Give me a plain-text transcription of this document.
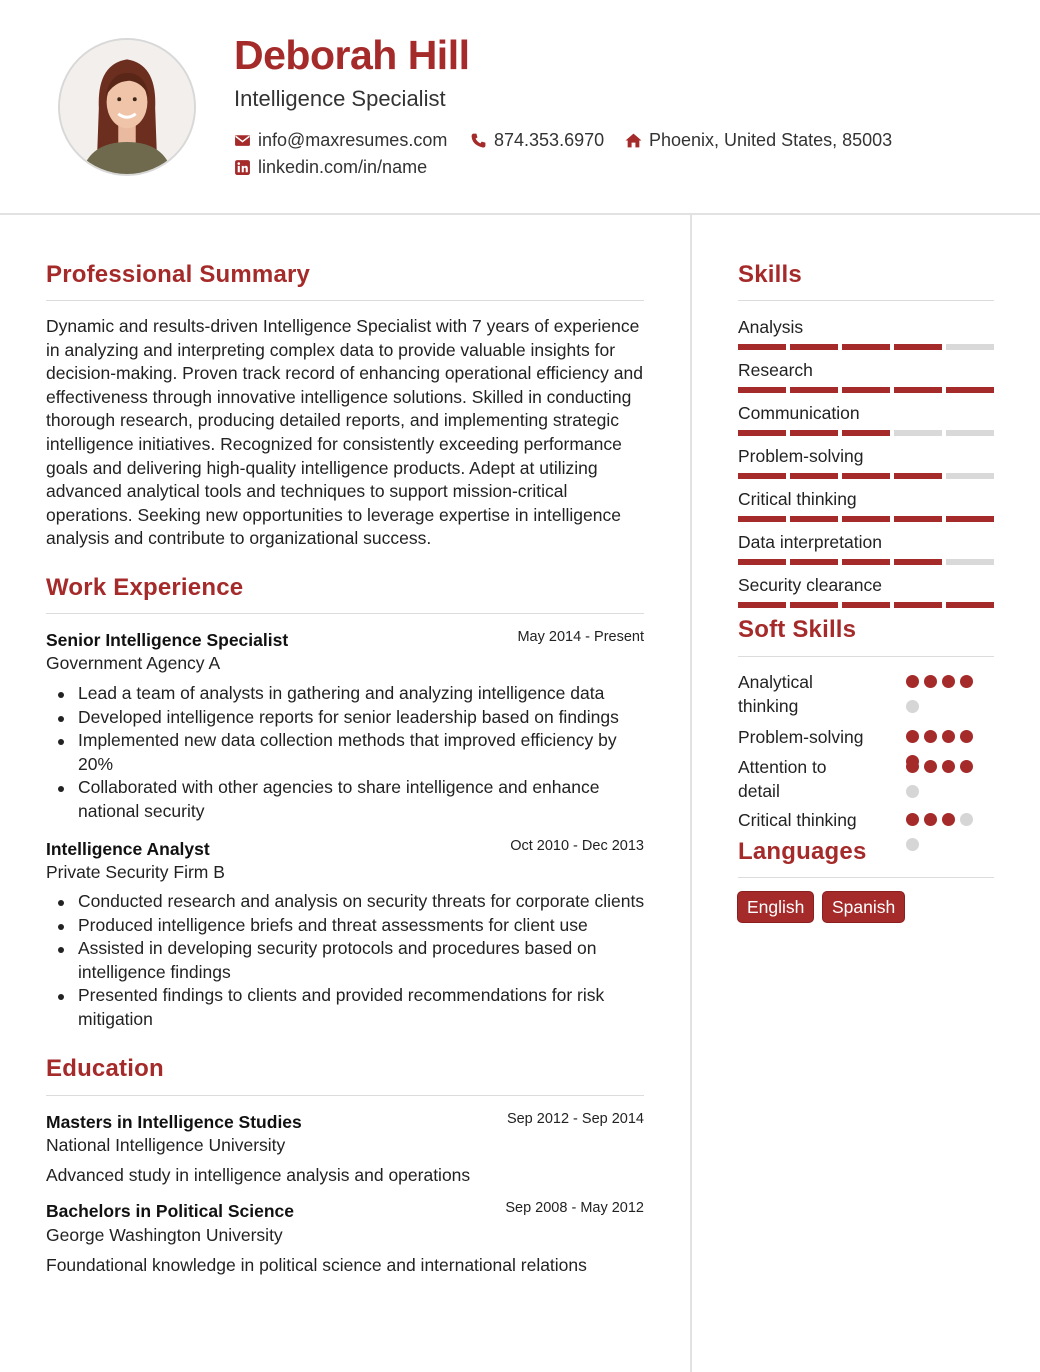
Deborah Hill
Intelligence Specialist
info@maxresumes.com	874.353.6970 Phoenix, United States, 85003
linkedin.com/in/name
Professional Summary
Dynamic and results-driven Intelligence Specialist with 7 years of experience in analyzing and interpreting complex data to provide valuable insights for decision-making. Proven track record of enhancing operational efficiency and effectiveness through innovative intelligence solutions. Skilled in conducting thorough research, producing detailed reports, and implementing strategic intelligence initiatives. Recognized for consistently exceeding performance goals and delivering high-quality intelligence products. Adept at utilizing advanced analytical tools and techniques to support mission-critical operations. Seeking new opportunities to leverage expertise in intelligence analysis and contribute to organizational success.
Work Experience
Senior Intelligence Specialist	May 2014 - Present
Government Agency A
Lead a team of analysts in gathering and analyzing intelligence data
Developed intelligence reports for senior leadership based on findings
Implemented new data collection methods that improved efficiency by 20%
Collaborated with other agencies to share intelligence and enhance national security
Intelligence Analyst	Oct 2010 - Dec 2013
Private Security Firm B
Conducted research and analysis on security threats for corporate clients
Produced intelligence briefs and threat assessments for client use
Assisted in developing security protocols and procedures based on intelligence findings
Presented findings to clients and provided recommendations for risk mitigation
Education
Masters in Intelligence Studies	Sep 2012 - Sep 2014
National Intelligence University
Advanced study in intelligence analysis and operations
Bachelors in Political Science	Sep 2008 - May 2012
George Washington University
Foundational knowledge in political science and international relations
Skills
Analysis
Research
Communication
Problem-solving
Critical thinking
Data interpretation
Security clearance
Soft Skills
Analytical thinking
Problem-solving
Attention to detail
Critical thinking
Languages
English	Spanish
